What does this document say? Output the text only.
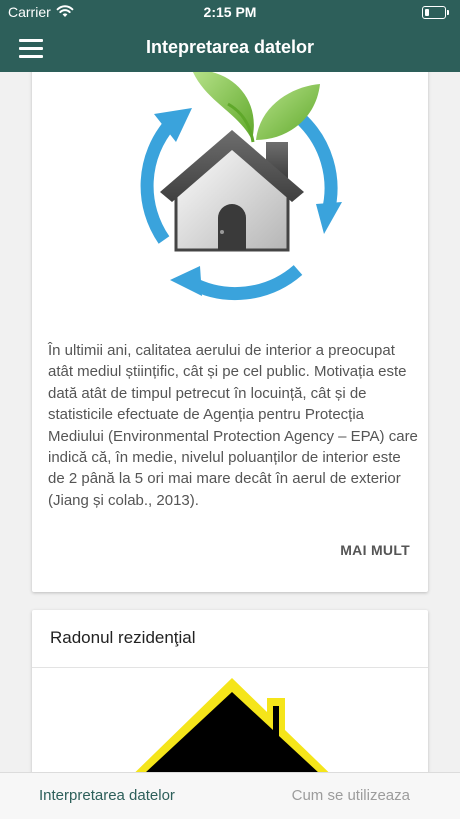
Carrier	2:15 PM
Intepretarea datelor
În ultimii ani, calitatea aerului de interior a preocupat atât mediul științific, cât și pe cel public. Motivația este dată atât de timpul petrecut în locuință, cât și de statisticile efectuate de Agenția pentru Protecția Mediului (Environmental Protection Agency – EPA) care indică că, în medie, nivelul poluanților de interior este de 2 până la 5 ori mai mare decât în aerul de exterior (Jiang și colab., 2013).
MAI MULT
Radonul rezidenţial
Interpretarea datelor	Cum se utilizeaza
